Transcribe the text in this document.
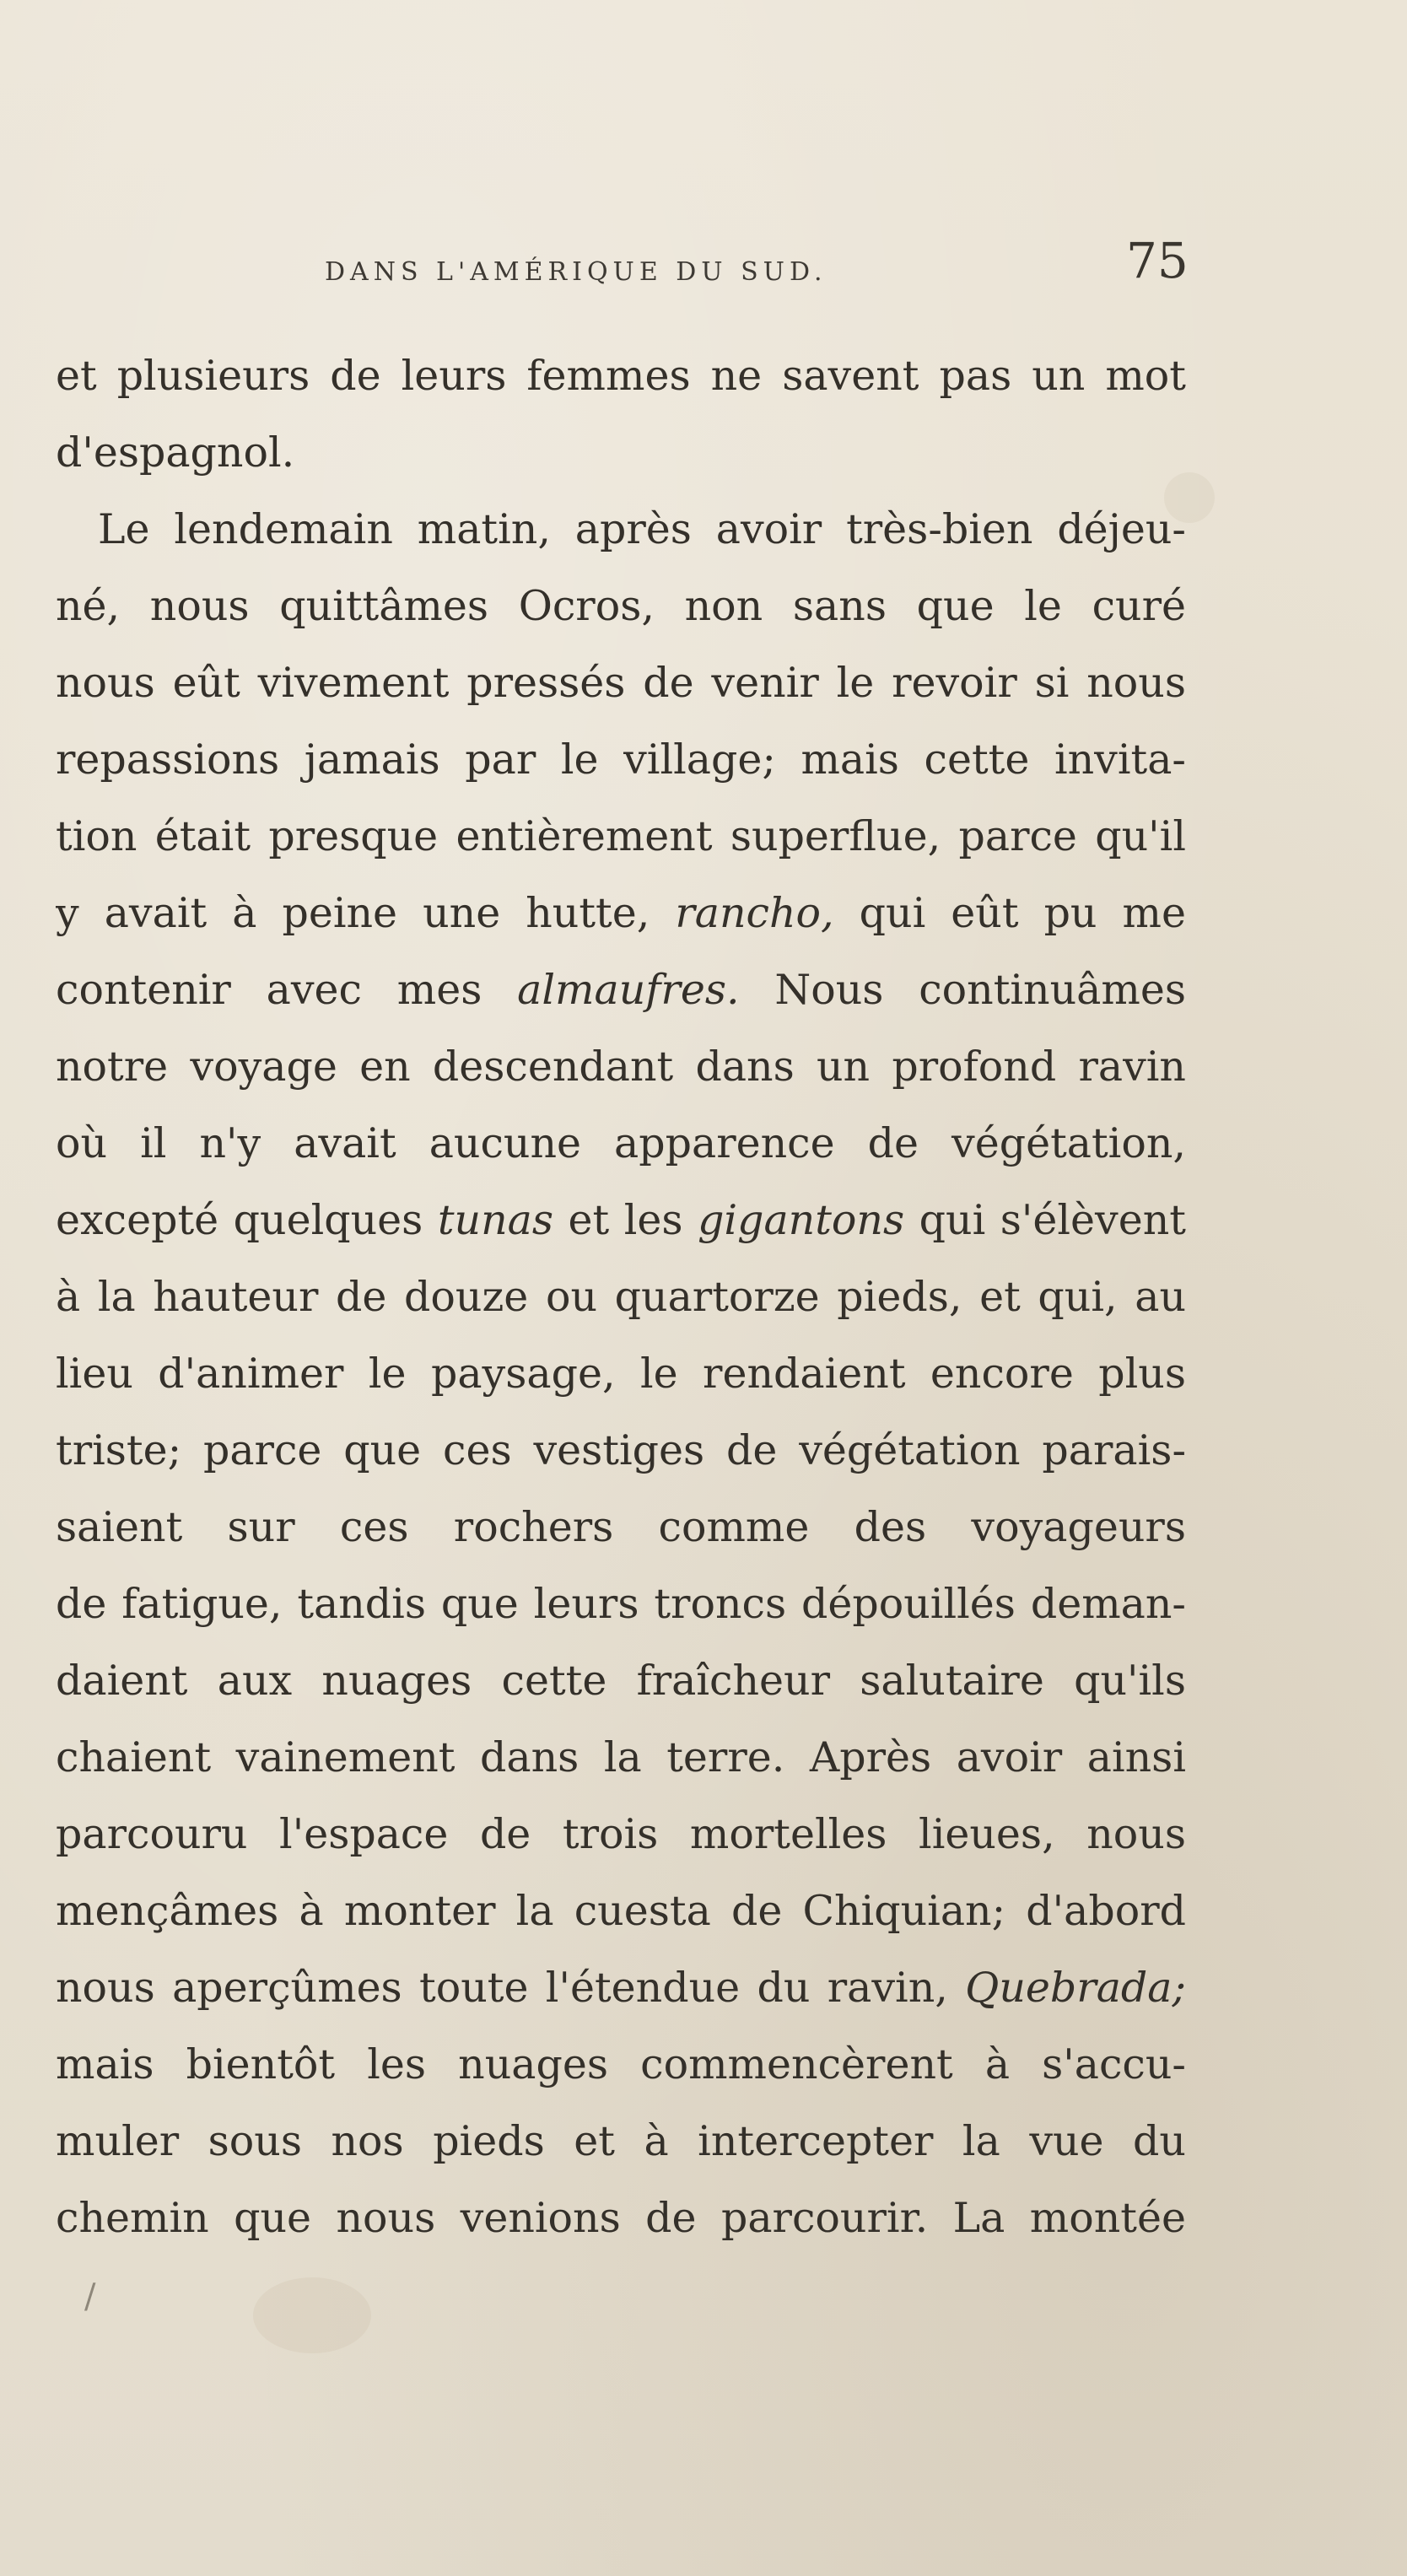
/
DANS L'AMÉRIQUE DU SUD.	75
et plusieurs de leurs femmes ne savent pas un mot
d'espagnol.
Le lendemain matin, après avoir très-bien déjeu-
né, nous quittâmes Ocros, non sans que le curé
nous eût vivement pressés de venir le revoir si nous
repassions jamais par le village; mais cette invita-
tion était presque entièrement superflue, parce qu'il
y avait à peine une hutte, rancho, qui eût pu me
contenir avec mes almaufres. Nous continuâmes
notre voyage en descendant dans un profond ravin
où il n'y avait aucune apparence de végétation,
excepté quelques tunas et les gigantons qui s'élèvent
à la hauteur de douze ou quartorze pieds, et qui, au
lieu d'animer le paysage, le rendaient encore plus
triste; parce que ces vestiges de végétation parais-
saient sur ces rochers comme des voyageurs
de fatigue, tandis que leurs troncs dépouillés deman-
daient aux nuages cette fraîcheur salutaire qu'ils
chaient vainement dans la terre. Après avoir ainsi
parcouru l'espace de trois mortelles lieues, nous
mençâmes à monter la cuesta de Chiquian; d'abord
nous aperçûmes toute l'étendue du ravin, Quebrada;
mais bientôt les nuages commencèrent à s'accu-
muler sous nos pieds et à intercepter la vue du
chemin que nous venions de parcourir. La montée
